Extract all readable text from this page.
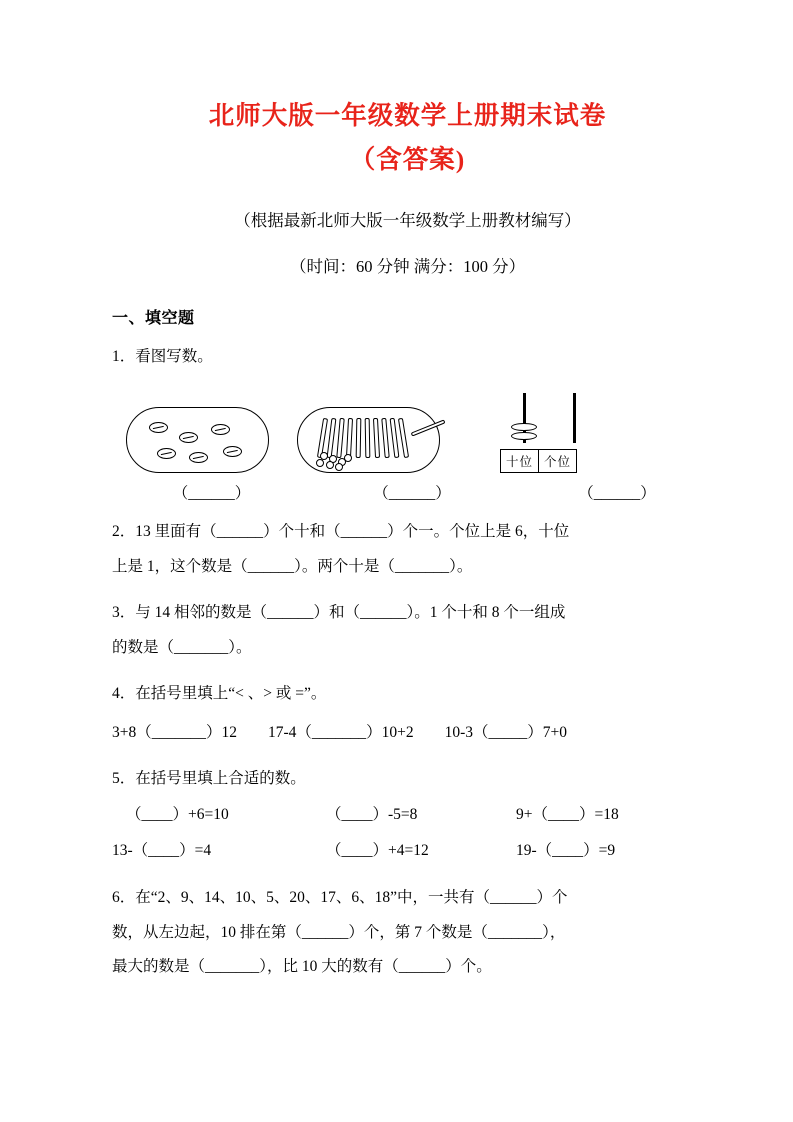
北师大版一年级数学上册期末试卷
（含答案)
（根据最新北师大版一年级数学上册教材编写）
（时间：60 分钟 满分：100 分）
一、填空题
1．看图写数。
十位	个位
（______）	（______）	（______）
2．13 里面有（______）个十和（______）个一。个位上是 6，十位
上是 1，这个数是（______）。两个十是（_______）。
3．与 14 相邻的数是（______）和（______）。1 个十和 8 个一组成
的数是（_______）。
4．在括号里填上“< 、> 或 =”。
3+8（_______）12        17-4（_______）10+2        10-3（_____）7+0
5．在括号里填上合适的数。
（____）+6=10	（____）-5=8	9+（____）=18
13-（____）=4	（____）+4=12	19-（____）=9
6．在“2、9、14、10、5、20、17、6、18”中，一共有（______）个
数，从左边起，10 排在第（______）个，第 7 个数是（_______），
最大的数是（_______），比 10 大的数有（______）个。
